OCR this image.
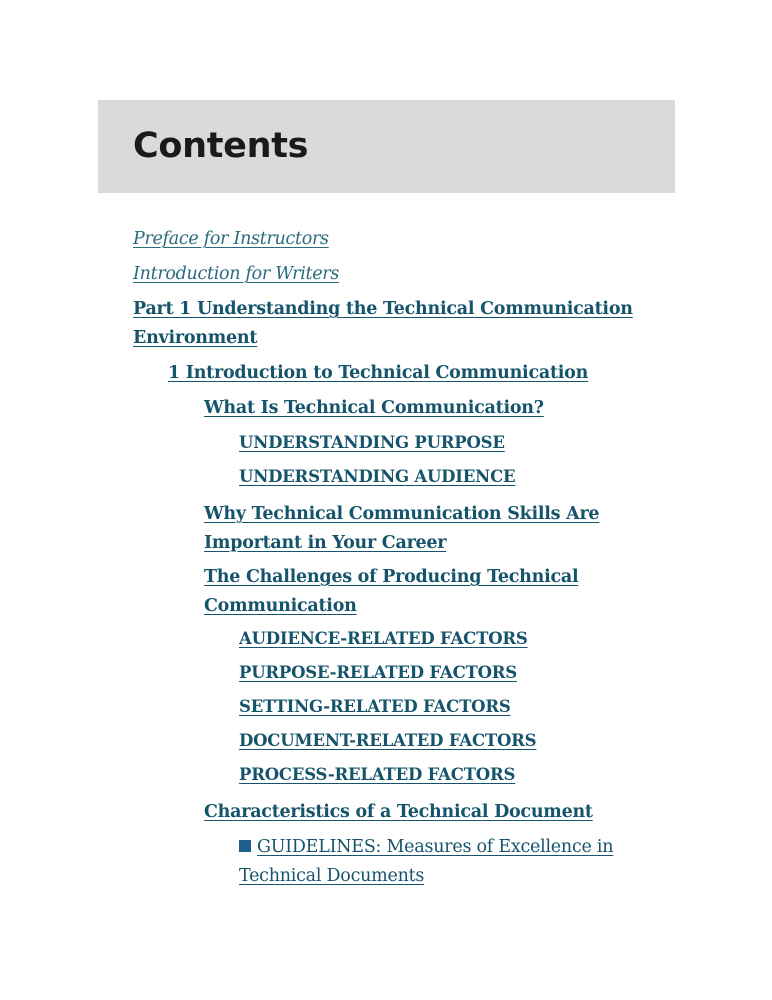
Contents
Preface for Instructors
Introduction for Writers
Part 1 Understanding the Technical Communication Environment
1 Introduction to Technical Communication
What Is Technical Communication?
UNDERSTANDING PURPOSE
UNDERSTANDING AUDIENCE
Why Technical Communication Skills Are Important in Your Career
The Challenges of Producing Technical Communication
AUDIENCE-RELATED FACTORS
PURPOSE-RELATED FACTORS
SETTING-RELATED FACTORS
DOCUMENT-RELATED FACTORS
PROCESS-RELATED FACTORS
Characteristics of a Technical Document
GUIDELINES: Measures of Excellence in Technical Documents
